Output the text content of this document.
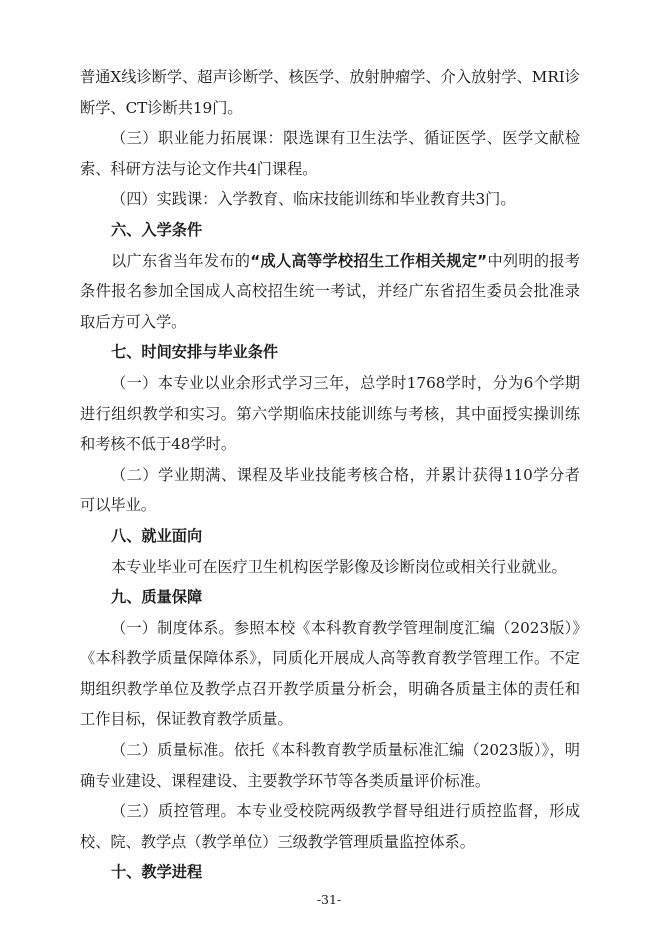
普通X线诊断学、超声诊断学、核医学、放射肿瘤学、介入放射学、MRI诊断学、CT诊断共19门。

（三）职业能力拓展课：限选课有卫生法学、循证医学、医学文献检索、科研方法与论文作共4门课程。

（四）实践课：入学教育、临床技能训练和毕业教育共3门。

六、入学条件

以广东省当年发布的“成人高等学校招生工作相关规定”中列明的报考条件报名参加全国成人高校招生统一考试，并经广东省招生委员会批准录取后方可入学。

七、时间安排与毕业条件

（一）本专业以业余形式学习三年，总学时1768学时，分为6个学期进行组织教学和实习。第六学期临床技能训练与考核，其中面授实操训练和考核不低于48学时。

（二）学业期满、课程及毕业技能考核合格，并累计获得110学分者可以毕业。

八、就业面向

本专业毕业可在医疗卫生机构医学影像及诊断岗位或相关行业就业。

九、质量保障

（一）制度体系。参照本校《本科教育教学管理制度汇编（2023版）》《本科教学质量保障体系》，同质化开展成人高等教育教学管理工作。不定期组织教学单位及教学点召开教学质量分析会，明确各质量主体的责任和工作目标，保证教育教学质量。

（二）质量标准。依托《本科教育教学质量标准汇编（2023版）》，明确专业建设、课程建设、主要教学环节等各类质量评价标准。

（三）质控管理。本专业受校院两级教学督导组进行质控监督，形成校、院、教学点（教学单位）三级教学管理质量监控体系。

十、教学进程

-31-
